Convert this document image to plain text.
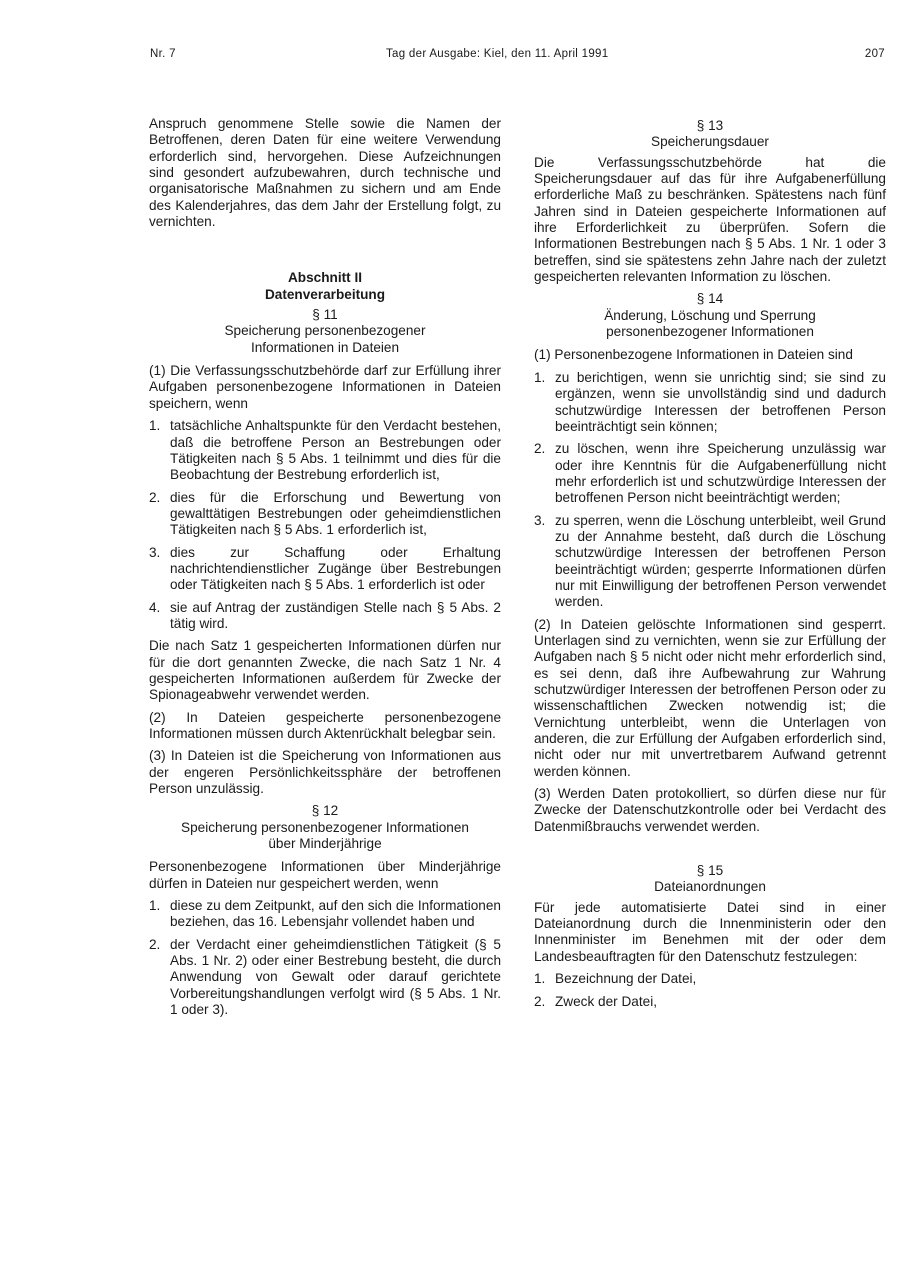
Nr. 7	Tag der Ausgabe: Kiel, den 11. April 1991	207

Anspruch genommene Stelle sowie die Namen der Betroffenen, deren Daten für eine weitere Verwendung erforderlich sind, hervorgehen. Diese Aufzeichnungen sind gesondert aufzubewahren, durch technische und organisatorische Maßnahmen zu sichern und am Ende des Kalenderjahres, das dem Jahr der Erstellung folgt, zu vernichten.

Abschnitt II
Datenverarbeitung
§ 11
Speicherung personenbezogener
Informationen in Dateien

(1) Die Verfassungsschutzbehörde darf zur Erfüllung ihrer Aufgaben personenbezogene Informationen in Dateien speichern, wenn

1. tatsächliche Anhaltspunkte für den Verdacht bestehen, daß die betroffene Person an Bestrebungen oder Tätigkeiten nach § 5 Abs. 1 teilnimmt und dies für die Beobachtung der Bestrebung erforderlich ist,
2. dies für die Erforschung und Bewertung von gewalttätigen Bestrebungen oder geheimdienstlichen Tätigkeiten nach § 5 Abs. 1 erforderlich ist,
3. dies zur Schaffung oder Erhaltung nachrichtendienstlicher Zugänge über Bestrebungen oder Tätigkeiten nach § 5 Abs. 1 erforderlich ist oder
4. sie auf Antrag der zuständigen Stelle nach § 5 Abs. 2 tätig wird.

Die nach Satz 1 gespeicherten Informationen dürfen nur für die dort genannten Zwecke, die nach Satz 1 Nr. 4 gespeicherten Informationen außerdem für Zwecke der Spionageabwehr verwendet werden.

(2) In Dateien gespeicherte personenbezogene Informationen müssen durch Aktenrückhalt belegbar sein.

(3) In Dateien ist die Speicherung von Informationen aus der engeren Persönlichkeitssphäre der betroffenen Person unzulässig.

§ 12
Speicherung personenbezogener Informationen
über Minderjährige

Personenbezogene Informationen über Minderjährige dürfen in Dateien nur gespeichert werden, wenn

1. diese zu dem Zeitpunkt, auf den sich die Informationen beziehen, das 16. Lebensjahr vollendet haben und
2. der Verdacht einer geheimdienstlichen Tätigkeit (§ 5 Abs. 1 Nr. 2) oder einer Bestrebung besteht, die durch Anwendung von Gewalt oder darauf gerichtete Vorbereitungshandlungen verfolgt wird (§ 5 Abs. 1 Nr. 1 oder 3).
§ 13
Speicherungsdauer

Die Verfassungsschutzbehörde hat die Speicherungsdauer auf das für ihre Aufgabenerfüllung erforderliche Maß zu beschränken. Spätestens nach fünf Jahren sind in Dateien gespeicherte Informationen auf ihre Erforderlichkeit zu überprüfen. Sofern die Informationen Bestrebungen nach § 5 Abs. 1 Nr. 1 oder 3 betreffen, sind sie spätestens zehn Jahre nach der zuletzt gespeicherten relevanten Information zu löschen.

§ 14
Änderung, Löschung und Sperrung
personenbezogener Informationen

(1) Personenbezogene Informationen in Dateien sind

1. zu berichtigen, wenn sie unrichtig sind; sie sind zu ergänzen, wenn sie unvollständig sind und dadurch schutzwürdige Interessen der betroffenen Person beeinträchtigt sein können;
2. zu löschen, wenn ihre Speicherung unzulässig war oder ihre Kenntnis für die Aufgabenerfüllung nicht mehr erforderlich ist und schutzwürdige Interessen der betroffenen Person nicht beeinträchtigt werden;
3. zu sperren, wenn die Löschung unterbleibt, weil Grund zu der Annahme besteht, daß durch die Löschung schutzwürdige Interessen der betroffenen Person beeinträchtigt würden; gesperrte Informationen dürfen nur mit Einwilligung der betroffenen Person verwendet werden.

(2) In Dateien gelöschte Informationen sind gesperrt. Unterlagen sind zu vernichten, wenn sie zur Erfüllung der Aufgaben nach § 5 nicht oder nicht mehr erforderlich sind, es sei denn, daß ihre Aufbewahrung zur Wahrung schutzwürdiger Interessen der betroffenen Person oder zu wissenschaftlichen Zwecken notwendig ist; die Vernichtung unterbleibt, wenn die Unterlagen von anderen, die zur Erfüllung der Aufgaben erforderlich sind, nicht oder nur mit unvertretbarem Aufwand getrennt werden können.

(3) Werden Daten protokolliert, so dürfen diese nur für Zwecke der Datenschutzkontrolle oder bei Verdacht des Datenmißbrauchs verwendet werden.

§ 15
Dateianordnungen

Für jede automatisierte Datei sind in einer Dateianordnung durch die Innenministerin oder den Innenminister im Benehmen mit der oder dem Landesbeauftragten für den Datenschutz festzulegen:

1. Bezeichnung der Datei,
2. Zweck der Datei,
